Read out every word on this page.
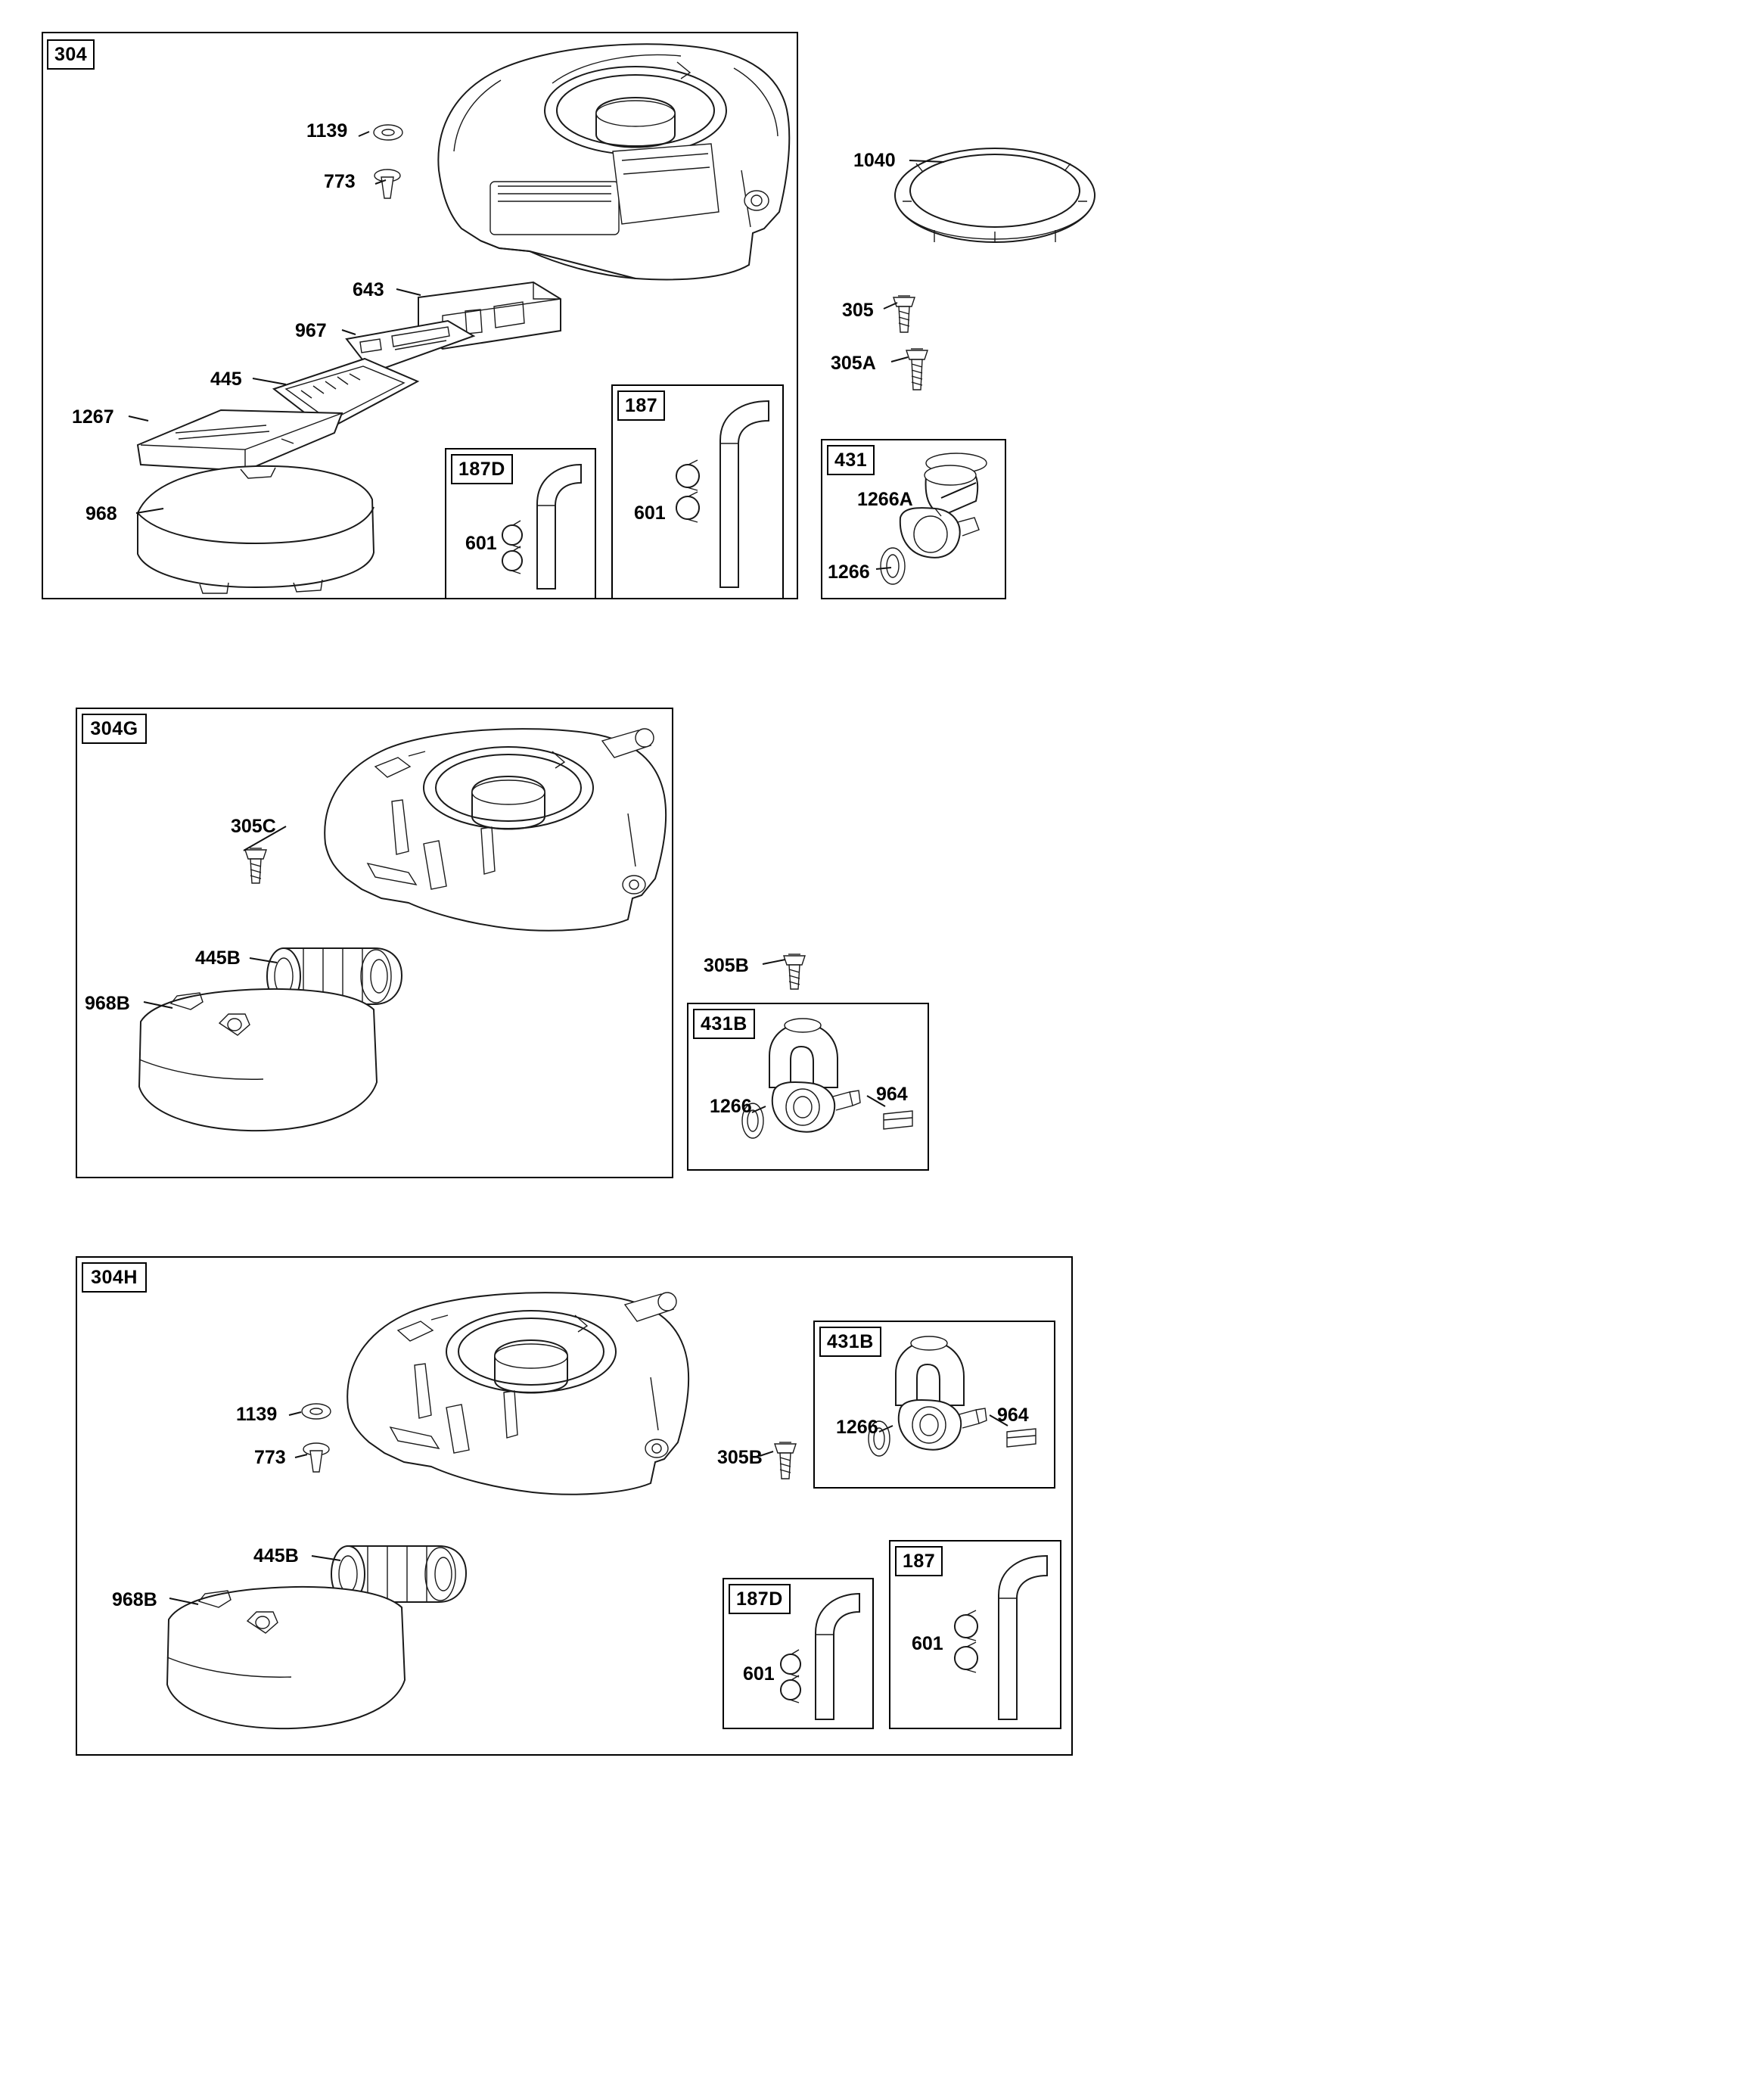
304
187D
187
431
304G
431B
304H
431B
187D
187
1139
773
643
967
445
1267
968
1040
305
305A
305B
601
601
1266A
1266
305C
445B
968B
1266
964
1139
773
445B
968B
305B
1266
964
601
601
